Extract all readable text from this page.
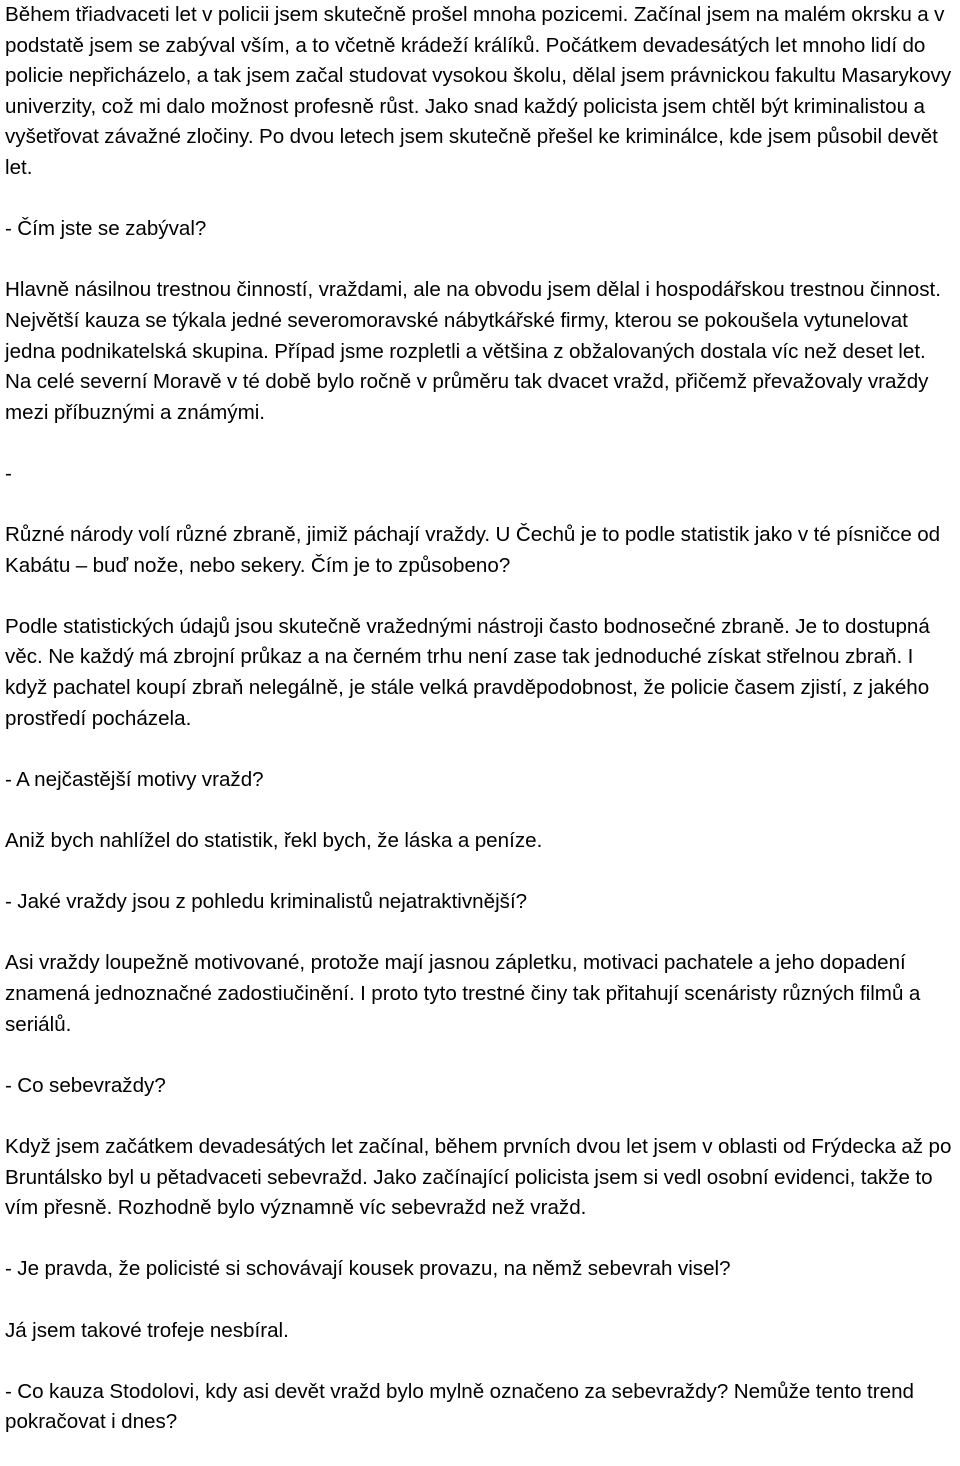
Během třiadvaceti let v policii jsem skutečně prošel mnoha pozicemi. Začínal jsem na malém okrsku a v podstatě jsem se zabýval vším, a to včetně krádeží králíků. Počátkem devadesátých let mnoho lidí do policie nepřicházelo, a tak jsem začal studovat vysokou školu, dělal jsem právnickou fakultu Masarykovy univerzity, což mi dalo možnost profesně růst. Jako snad každý policista jsem chtěl být kriminalistou a vyšetřovat závažné zločiny. Po dvou letech jsem skutečně přešel ke kriminálce, kde jsem působil devět let.

- Čím jste se zabýval?

Hlavně násilnou trestnou činností, vraždami, ale na obvodu jsem dělal i hospodářskou trestnou činnost. Největší kauza se týkala jedné severomoravské nábytkářské firmy, kterou se pokoušela vytunelovat jedna podnikatelská skupina. Případ jsme rozpletli a většina z obžalovaných dostala víc než deset let.

Na celé severní Moravě v té době bylo ročně v průměru tak dvacet vražd, přičemž převažovaly vraždy mezi příbuznými a známými.

-

Různé národy volí různé zbraně, jimiž páchají vraždy. U Čechů je to podle statistik jako v té písničce od Kabátu – buď nože, nebo sekery. Čím je to způsobeno?

Podle statistických údajů jsou skutečně vražednými nástroji často bodnosečné zbraně. Je to dostupná věc. Ne každý má zbrojní průkaz a na černém trhu není zase tak jednoduché získat střelnou zbraň. I když pachatel koupí zbraň nelegálně, je stále velká pravděpodobnost, že policie časem zjistí, z jakého prostředí pocházela.

- A nejčastější motivy vražd?

Aniž bych nahlížel do statistik, řekl bych, že láska a peníze.

- Jaké vraždy jsou z pohledu kriminalistů nejatraktivnější?

Asi vraždy loupežně motivované, protože mají jasnou zápletku, motivaci pachatele a jeho dopadení znamená jednoznačné zadostiučinění. I proto tyto trestné činy tak přitahují scenáristy různých filmů a seriálů.

- Co sebevraždy?

Když jsem začátkem devadesátých let začínal, během prvních dvou let jsem v oblasti od Frýdecka až po Bruntálsko byl u pětadvaceti sebevražd. Jako začínající policista jsem si vedl osobní evidenci, takže to vím přesně. Rozhodně bylo významně víc sebevražd než vražd.

- Je pravda, že policisté si schovávají kousek provazu, na němž sebevrah visel?

Já jsem takové trofeje nesbíral.

- Co kauza Stodolovi, kdy asi devět vražd bylo mylně označeno za sebevraždy? Nemůže tento trend pokračovat i dnes?
